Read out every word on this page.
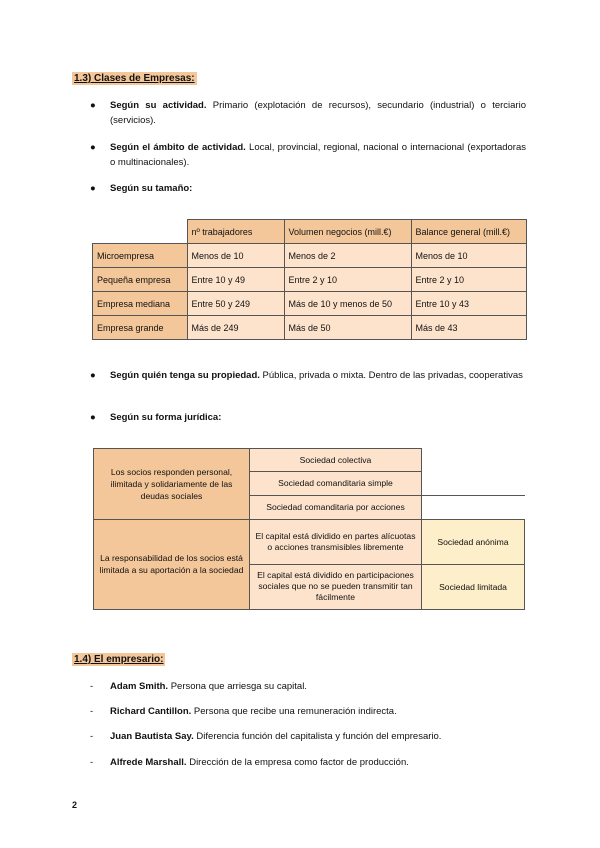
1.3) Clases de Empresas:
● Según su actividad. Primario (explotación de recursos), secundario (industrial) o terciario (servicios).
● Según el ámbito de actividad. Local, provincial, regional, nacional o internacional (exportadoras o multinacionales).
● Según su tamaño:
	nº trabajadores	Volumen negocios (mill.€)	Balance general (mill.€)
Microempresa	Menos de 10	Menos de 2	Menos de 10
Pequeña empresa	Entre 10 y 49	Entre 2 y 10	Entre 2 y 10
Empresa mediana	Entre 50 y 249	Más de 10 y menos de 50	Entre 10 y 43
Empresa grande	Más de 249	Más de 50	Más de 43
● Según quién tenga su propiedad. Pública, privada o mixta. Dentro de las privadas, cooperativas
● Según su forma jurídica:
Los socios responden personal, ilimitada y solidariamente de las deudas sociales	Sociedad colectiva	
	Sociedad comanditaria simple	
	Sociedad comanditaria por acciones	
La responsabilidad de los socios está limitada a su aportación a la sociedad	El capital está dividido en partes alícuotas o acciones transmisibles libremente	Sociedad anónima
	El capital está dividido en participaciones sociales que no se pueden transmitir tan fácilmente	Sociedad limitada
1.4) El empresario:
- Adam Smith. Persona que arriesga su capital.
- Richard Cantillon. Persona que recibe una remuneración indirecta.
- Juan Bautista Say. Diferencia función del capitalista y función del empresario.
- Alfrede Marshall. Dirección de la empresa como factor de producción.
2
